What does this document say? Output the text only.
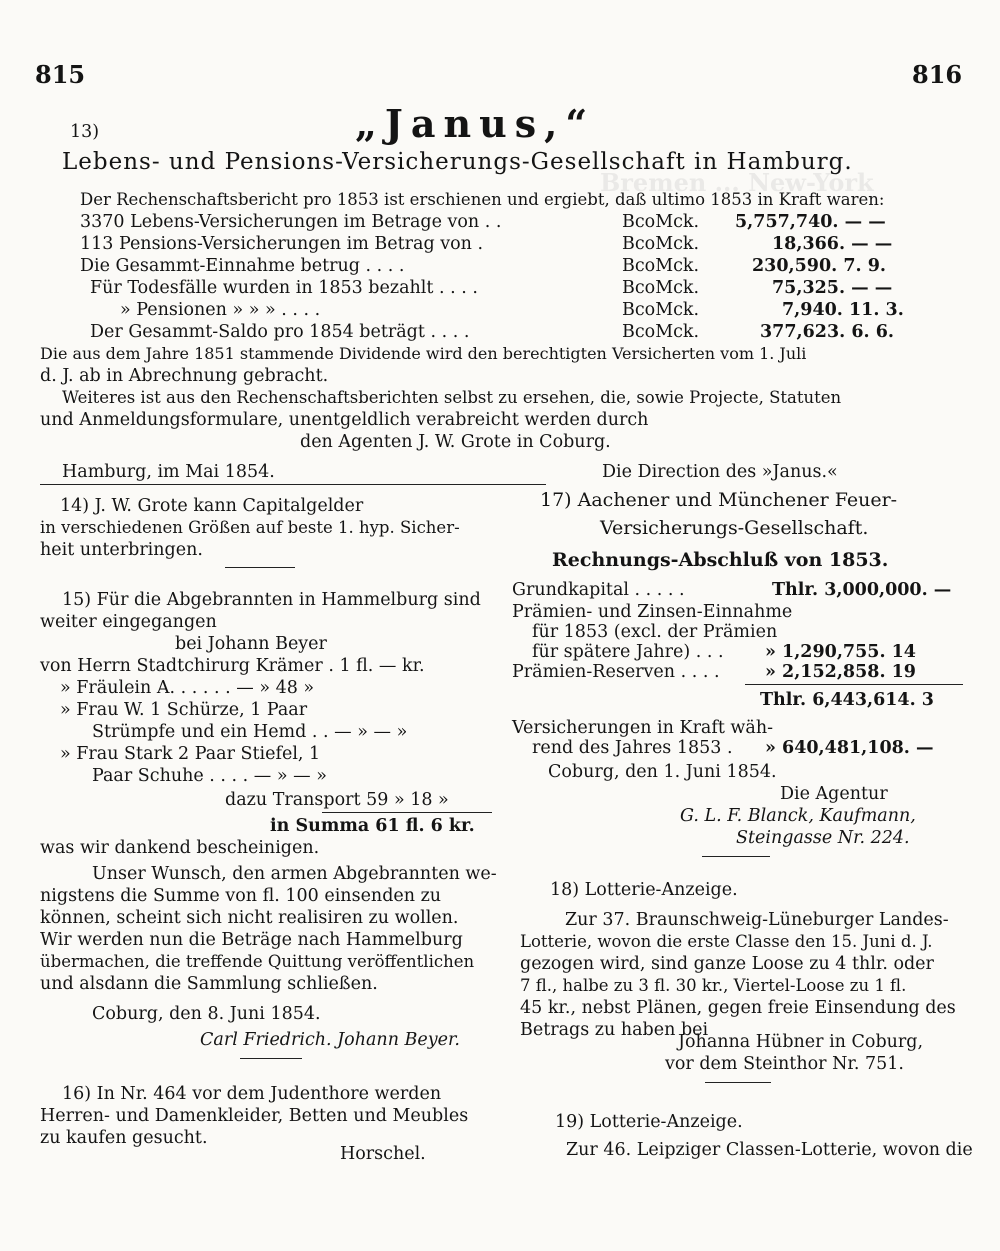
Bremen ... New-York
815	816
13)	„Janus,“
Lebens- und Pensions-Versicherungs-Gesellschaft in Hamburg.
Der Rechenschaftsbericht pro 1853 ist erschienen und ergiebt, daß ultimo 1853 in Kraft waren:
3370 Lebens-Versicherungen im Betrage von . .	BcoMck. 5,757,740. — —
113 Pensions-Versicherungen im Betrag von .	BcoMck.	18,366. — —
Die Gesammt-Einnahme betrug . . . .	BcoMck.	230,590. 7. 9.
Für Todesfälle wurden in 1853 bezahlt . . . .	BcoMck.	75,325. — —
» Pensionen » » » . . . .	BcoMck.	7,940. 11. 3.
Der Gesammt-Saldo pro 1854 beträgt . . . .	BcoMck.	377,623. 6. 6.
Die aus dem Jahre 1851 stammende Dividende wird den berechtigten Versicherten vom 1. Juli
d. J. ab in Abrechnung gebracht.
Weiteres ist aus den Rechenschaftsberichten selbst zu ersehen, die, sowie Projecte, Statuten
und Anmeldungsformulare, unentgeldlich verabreicht werden durch
den Agenten J. W. Grote in Coburg.
Hamburg, im Mai 1854.	Die Direction des »Janus.«
14) J. W. Grote kann Capitalgelder
in verschiedenen Größen auf beste 1. hyp. Sicher-
heit unterbringen.
15) Für die Abgebrannten in Hammelburg sind
weiter eingegangen
bei Johann Beyer
von Herrn Stadtchirurg Krämer . 1 fl. — kr.
» Fräulein A. . . . . . — » 48 »
» Frau W. 1 Schürze, 1 Paar
Strümpfe und ein Hemd . . — » — »
» Frau Stark 2 Paar Stiefel, 1
Paar Schuhe . . . . — » — »
dazu Transport 59 » 18 »
in Summa 61 fl. 6 kr.
was wir dankend bescheinigen.
Unser Wunsch, den armen Abgebrannten we-
nigstens die Summe von fl. 100 einsenden zu
können, scheint sich nicht realisiren zu wollen.
Wir werden nun die Beträge nach Hammelburg
übermachen, die treffende Quittung veröffentlichen
und alsdann die Sammlung schließen.
Coburg, den 8. Juni 1854.
Carl Friedrich. Johann Beyer.
16) In Nr. 464 vor dem Judenthore werden
Herren- und Damenkleider, Betten und Meubles
zu kaufen gesucht.
Horschel.
17) Aachener und Münchener Feuer-
Versicherungs-Gesellschaft.
Rechnungs-Abschluß von 1853.
Grundkapital . . . . .	Thlr. 3,000,000. —
Prämien- und Zinsen-Einnahme
für 1853 (excl. der Prämien
für spätere Jahre) . . . » 1,290,755. 14
Prämien-Reserven . . . .	» 2,152,858. 19
Thlr. 6,443,614. 3
Versicherungen in Kraft wäh-
rend des Jahres 1853 . » 640,481,108. —
Coburg, den 1. Juni 1854.
Die Agentur
G. L. F. Blanck, Kaufmann,
Steingasse Nr. 224.
18) Lotterie-Anzeige.
Zur 37. Braunschweig-Lüneburger Landes-
Lotterie, wovon die erste Classe den 15. Juni d. J.
gezogen wird, sind ganze Loose zu 4 thlr. oder
7 fl., halbe zu 3 fl. 30 kr., Viertel-Loose zu 1 fl.
45 kr., nebst Plänen, gegen freie Einsendung des
Betrags zu haben bei
Johanna Hübner in Coburg,
vor dem Steinthor Nr. 751.
19) Lotterie-Anzeige.
Zur 46. Leipziger Classen-Lotterie, wovon die
